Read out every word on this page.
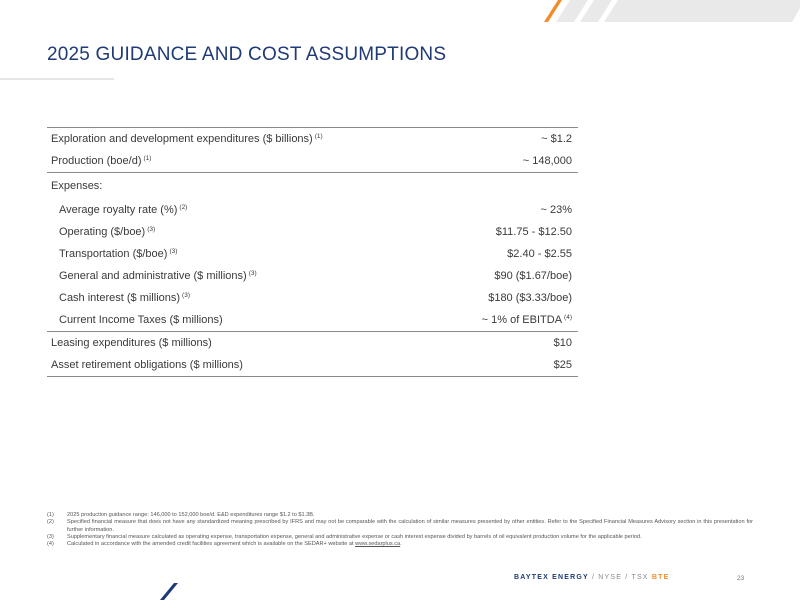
2025 GUIDANCE AND COST ASSUMPTIONS
Exploration and development expenditures ($ billions) $^{(1)}$	~ $1.2
Production (boe/d) $^{(1)}$	~ 148,000
Expenses:	
Average royalty rate (%) $^{(2)}$	~ 23%
Operating ($/boe) $^{(3)}$	$11.75 - $12.50
Transportation ($/boe) $^{(3)}$	$2.40 - $2.55
General and administrative ($ millions) $^{(3)}$	$90 ($1.67/boe)
Cash interest ($ millions) $^{(3)}$	$180 ($3.33/boe)
Current Income Taxes ($ millions)	~ 1% of EBITDA $^{(4)}$
Leasing expenditures ($ millions)	$10
Asset retirement obligations ($ millions)	$25
(1)	2025 production guidance range: 146,000 to 152,000 boe/d. E&D expenditures range $1.2 to $1.3B.
(2)	Specified financial measure that does not have any standardized meaning prescribed by IFRS and may not be comparable with the calculation of similar measures presented by other entities. Refer to the Specified Financial Measures Advisory section in this presentation for further information.
(3)	Supplementary financial measure calculated as operating expense, transportation expense, general and administrative expense or cash interest expense divided by barrels of oil equivalent production volume for the applicable period.
(4)	Calculated in accordance with the amended credit facilities agreement which is available on the SEDAR+ website at www.sedarplus.ca.
BAYTEX ENERGY / NYSE / TSX BTE	23
